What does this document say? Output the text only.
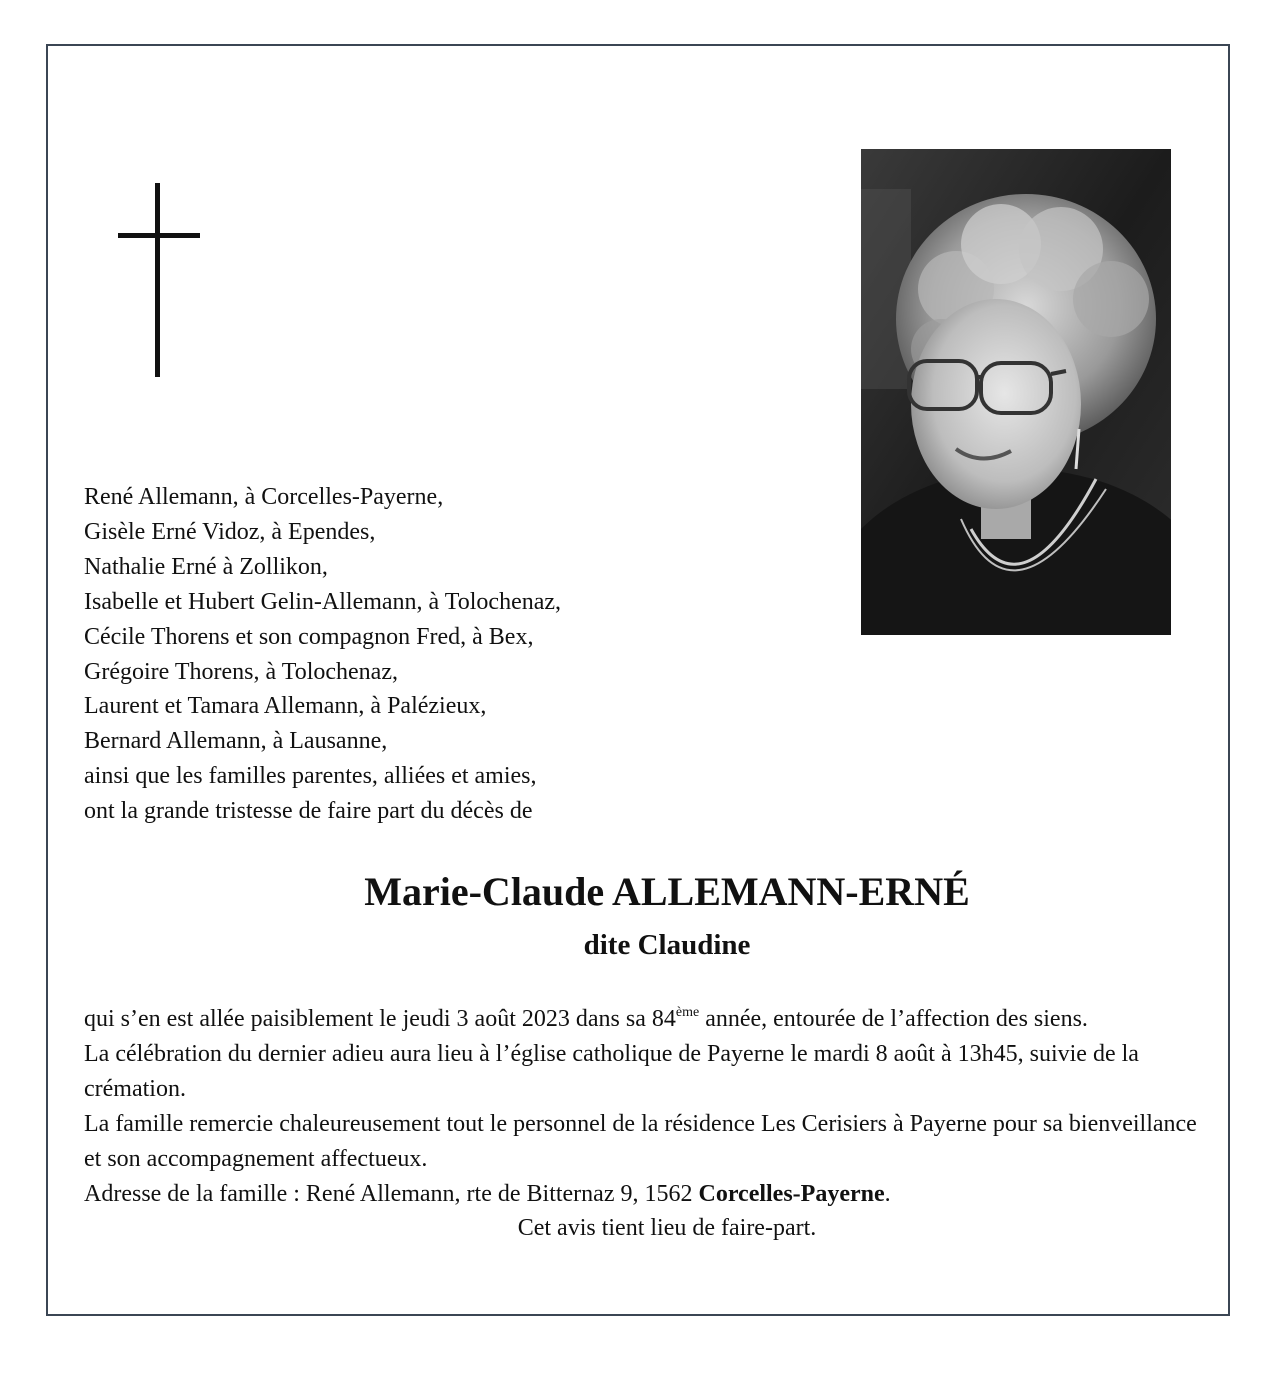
René Allemann, à Corcelles-Payerne,
Gisèle Erné Vidoz, à Ependes,
Nathalie Erné à Zollikon,
Isabelle et Hubert Gelin-Allemann, à Tolochenaz,
Cécile Thorens et son compagnon Fred, à Bex,
Grégoire Thorens, à Tolochenaz,
Laurent et Tamara Allemann, à Palézieux,
Bernard Allemann, à Lausanne,
ainsi que les familles parentes, alliées et amies,
ont la grande tristesse de faire part du décès de
Marie-Claude ALLEMANN-ERNÉ
dite Claudine

qui s’en est allée paisiblement le jeudi 3 août 2023 dans sa 84ème année, entourée de l’affection des siens.

La célébration du dernier adieu aura lieu à l’église catholique de Payerne le mardi 8 août à 13h45, suivie de la crémation.

La famille remercie chaleureusement tout le personnel de la résidence Les Cerisiers à Payerne pour sa bienveillance et son accompagnement affectueux.

Adresse de la famille : René Allemann, rte de Bitternaz 9, 1562 Corcelles-Payerne.

Cet avis tient lieu de faire-part.
